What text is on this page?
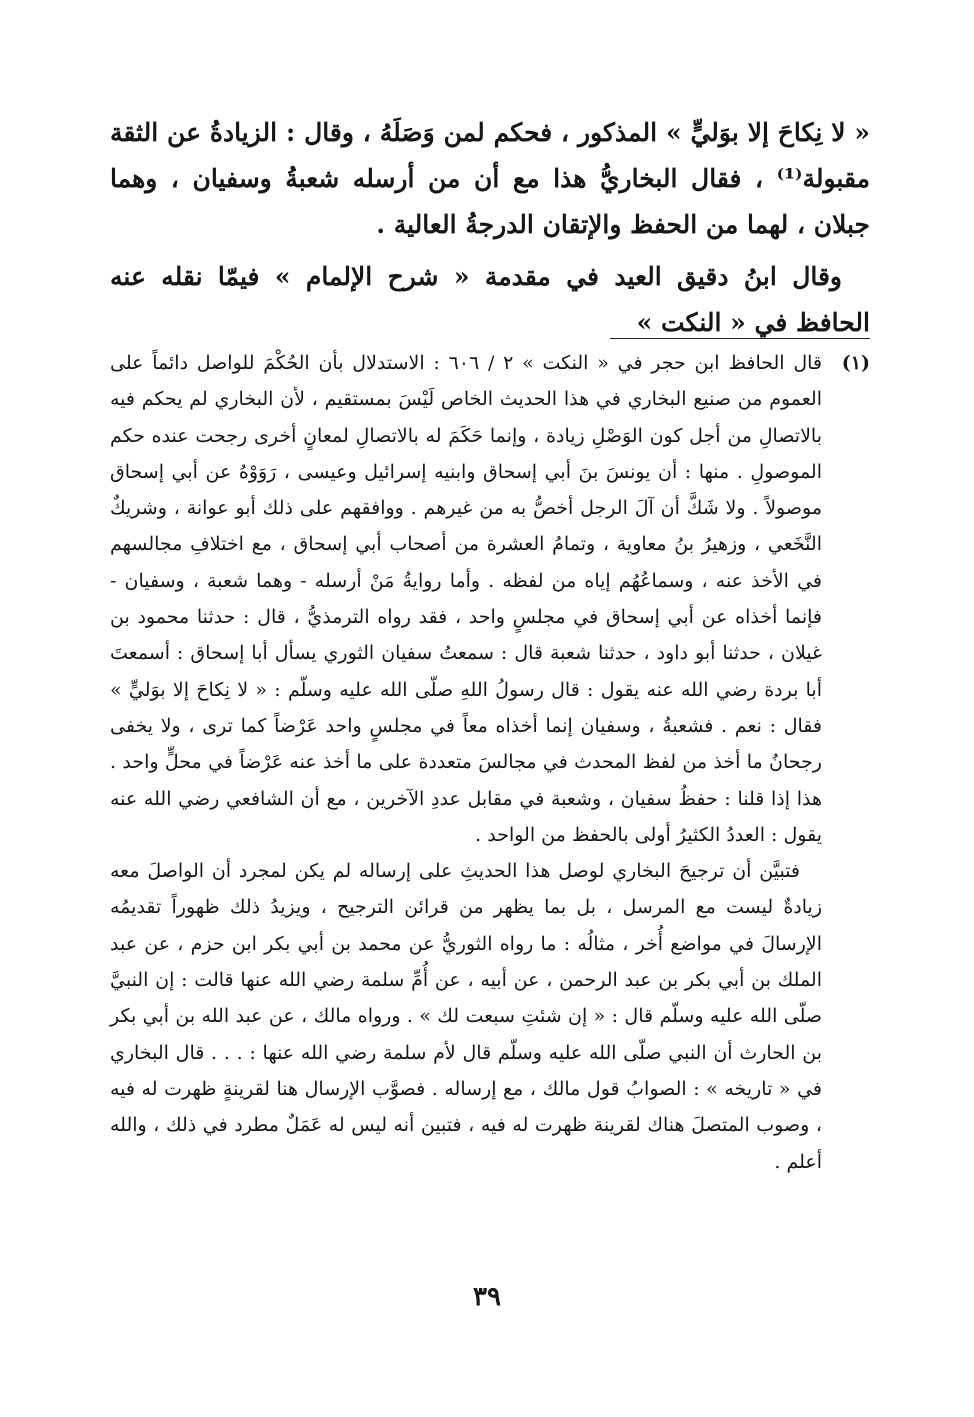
« لا نِكاحَ إلا بوَليٍّ » المذكور ، فحكم لمن وَصَلَهُ ، وقال : الزيادةُ عن الثقة مقبولة⁽¹⁾ ، فقال البخاريُّ هذا مع أن من أرسله شعبةُ وسفيان ، وهما جبلان ، لهما من الحفظ والإتقان الدرجةُ العالية .

وقال ابنُ دقيق العيد في مقدمة « شرح الإلمام » فيمّا نقله عنه الحافظ في « النكت »

(١)

قال الحافظ ابن حجر في « النكت » ٢ / ٦٠٦ : الاستدلال بأن الحُكْمَ للواصل دائماً على العموم من صنيع البخاري في هذا الحديث الخاص لَيْسَ بمستقيم ، لأن البخاري لم يحكم فيه بالاتصالِ من أجل كون الوَصْلِ زيادة ، وإنما حَكَمَ له بالاتصالِ لمعانٍ أخرى رجحت عنده حكم الموصولِ . منها : أن يونسَ بنَ أبي إسحاق وابنيه إسرائيل وعيسى ، رَوَوْهُ عن أبي إسحاق موصولاً . ولا شَكَّ أن آلَ الرجل أخصُّ به من غيرهم . ووافقهم على ذلك أبو عوانة ، وشريكٌ النَّخَعي ، وزهيرُ بنُ معاوية ، وتمامُ العشرة من أصحاب أبي إسحاق ، مع اختلافِ مجالسهم في الأخذ عنه ، وسماعُهُم إياه من لفظه . وأما روايةُ مَنْ أرسله - وهما شعبة ، وسفيان - فإنما أخذاه عن أبي إسحاق في مجلسٍ واحد ، فقد رواه الترمذيُّ ، قال : حدثنا محمود بن غيلان ، حدثنا أبو داود ، حدثنا شعبة قال : سمعتُ سفيان الثوري يسأل أبا إسحاق : أسمعتَ أبا بردة رضي الله عنه يقول : قال رسولُ اللهِ صلّى الله عليه وسلّم : « لا نِكاحَ إلا بوَليٍّ » فقال : نعم . فشعبةُ ، وسفيان إنما أخذاه معاً في مجلسٍ واحد عَرْضاً كما ترى ، ولا يخفى رجحانُ ما أخذ من لفظ المحدث في مجالسَ متعددة على ما أخذ عنه عَرْضاً في محلٍّ واحد . هذا إذا قلنا : حفظُ سفيان ، وشعبة في مقابل عددِ الآخرين ، مع أن الشافعي رضي الله عنه يقول : العددُ الكثيرُ أولى بالحفظ من الواحد .

فتبيَّن أن ترجيحَ البخاري لوصل هذا الحديثِ على إرساله لم يكن لمجرد أن الواصلَ معه زيادةٌ ليست مع المرسل ، بل بما يظهر من قرائن الترجيح ، ويزيدُ ذلك ظهوراً تقديمُه الإرسالَ في مواضع أُخر ، مثالُه : ما رواه الثوريُّ عن محمد بن أبي بكر ابن حزم ، عن عبد الملك بن أبي بكر بن عبد الرحمن ، عن أبيه ، عن أُمِّ سلمة رضي الله عنها قالت : إن النبيَّ صلّى الله عليه وسلّم قال : « إن شئتِ سبعت لك » . ورواه مالك ، عن عبد الله بن أبي بكر بن الحارث أن النبي صلّى الله عليه وسلّم قال لأم سلمة رضي الله عنها : . . . قال البخاري في « تاريخه » : الصوابُ قول مالك ، مع إرساله . فصوَّب الإرسال هنا لقرينةٍ ظهرت له فيه ، وصوب المتصلَ هناك لقرينة ظهرت له فيه ، فتبين أنه ليس له عَمَلٌ مطرد في ذلك ، والله أعلم .

٣٩
